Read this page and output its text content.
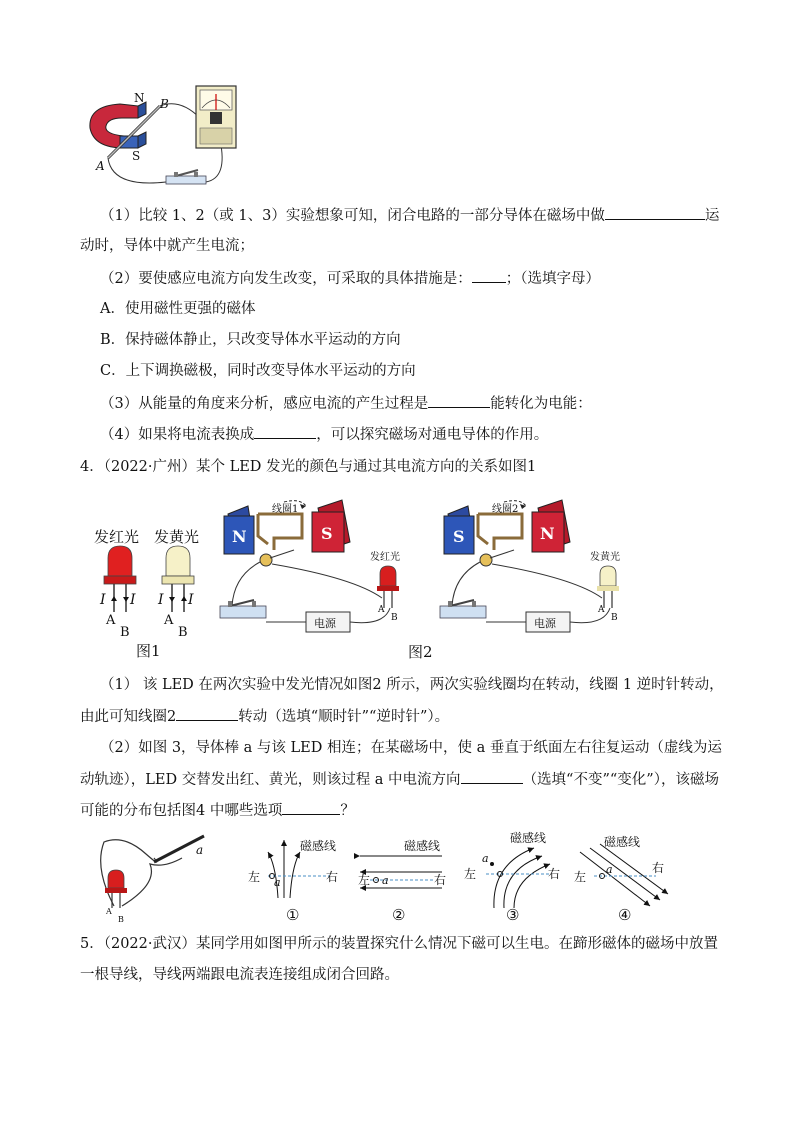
N
S
A
B
（1）比较 1、2（或 1、3）实验想象可知，闭合电路的一部分导体在磁场中做	运
动时，导体中就产生电流；
（2）要使感应电流方向发生改变，可采取的具体措施是： ；（选填字母）
A．使用磁性更强的磁体
B．保持磁体静止，只改变导体水平运动的方向
C．上下调换磁极，同时改变导体水平运动的方向
（3）从能量的角度来分析，感应电流的产生过程是	能转化为电能：
（4）如果将电流表换成	，可以探究磁场对通电导体的作用。
4．（2022·广州）某个 LED 发光的颜色与通过其电流方向的关系如图1
发红光 发黄光
I I I I
A
B
A
B
图1
N	S
线圈1
电源
发红光
A
B
S	N
线圈2
电源
发黄光
A
B
图2
（1） 该 LED 在两次实验中发光情况如图2 所示，两次实验线圈均在转动，线圈 1 逆时针转动，
由此可知线圈2	转动（选填“顺时针”“逆时针”）。
（2）如图 3，导体棒 a 与该 LED 相连；在某磁场中，使 a 垂直于纸面左右往复运动（虚线为运
动轨迹），LED 交替发出红、黄光，则该过程 a 中电流方向	（选填“不变”“变化”），该磁场
可能的分布包括图4 中哪些选项	？
a
A
B
磁感线
左 a	右
①
磁感线
左 a	右
②
磁感线
左
a
右
③
磁感线
左
a	右
④
5．（2022·武汉）某同学用如图甲所示的装置探究什么情况下磁可以生电。在蹄形磁体的磁场中放置
一根导线，导线两端跟电流表连接组成闭合回路。
